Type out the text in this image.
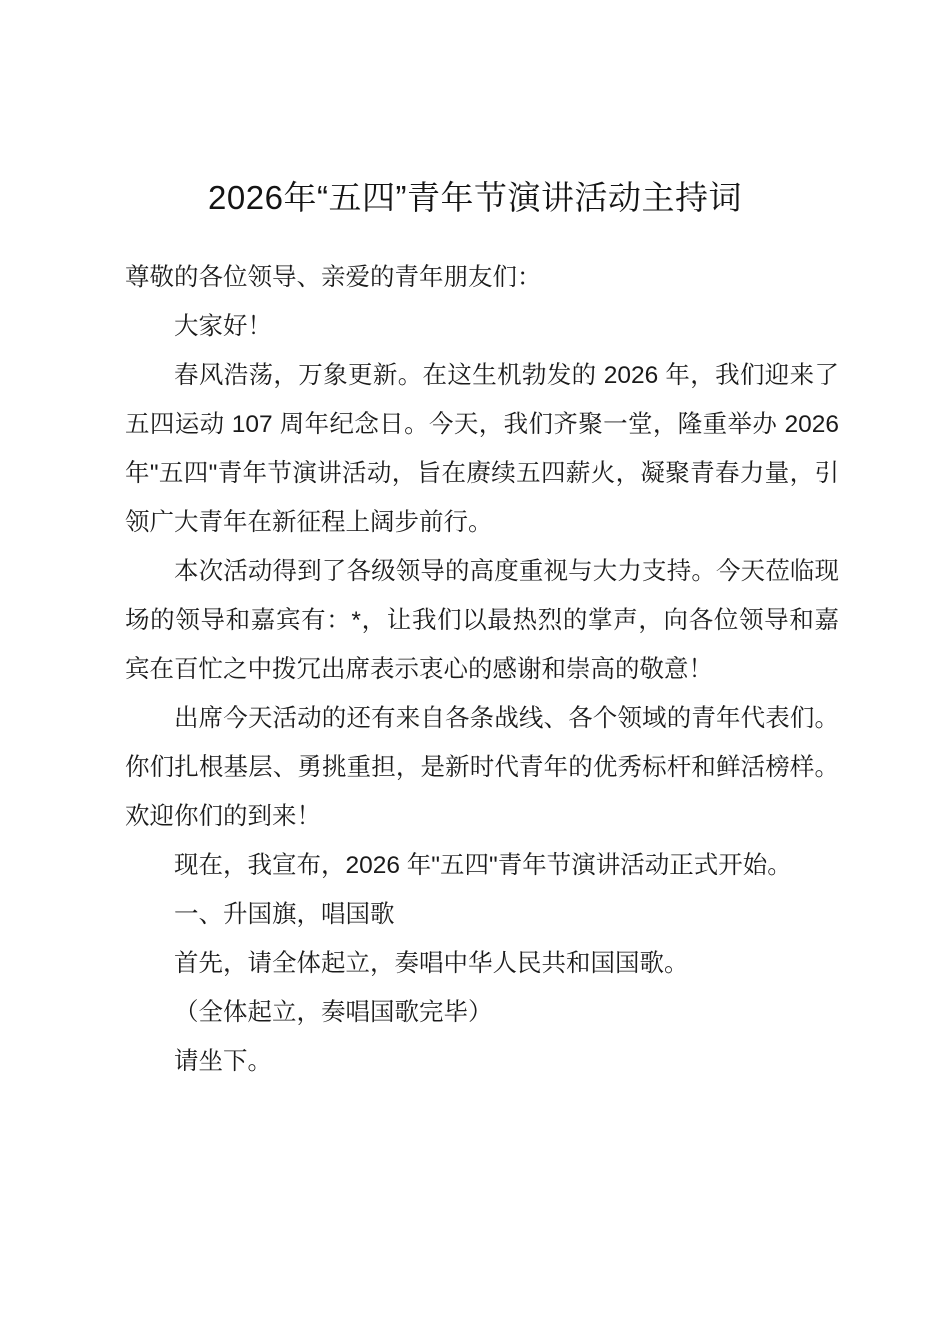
2026年“五四”青年节演讲活动主持词

尊敬的各位领导、亲爱的青年朋友们：

大家好！

春风浩荡，万象更新。在这生机勃发的 2026 年，我们迎来了五四运动 107 周年纪念日。今天，我们齐聚一堂，隆重举办 2026 年"五四"青年节演讲活动，旨在赓续五四薪火，凝聚青春力量，引领广大青年在新征程上阔步前行。

本次活动得到了各级领导的高度重视与大力支持。今天莅临现场的领导和嘉宾有：*，让我们以最热烈的掌声，向各位领导和嘉宾在百忙之中拨冗出席表示衷心的感谢和崇高的敬意！

出席今天活动的还有来自各条战线、各个领域的青年代表们。你们扎根基层、勇挑重担，是新时代青年的优秀标杆和鲜活榜样。欢迎你们的到来！

现在，我宣布，2026 年"五四"青年节演讲活动正式开始。

一、升国旗，唱国歌

首先，请全体起立，奏唱中华人民共和国国歌。

（全体起立，奏唱国歌完毕）

请坐下。
